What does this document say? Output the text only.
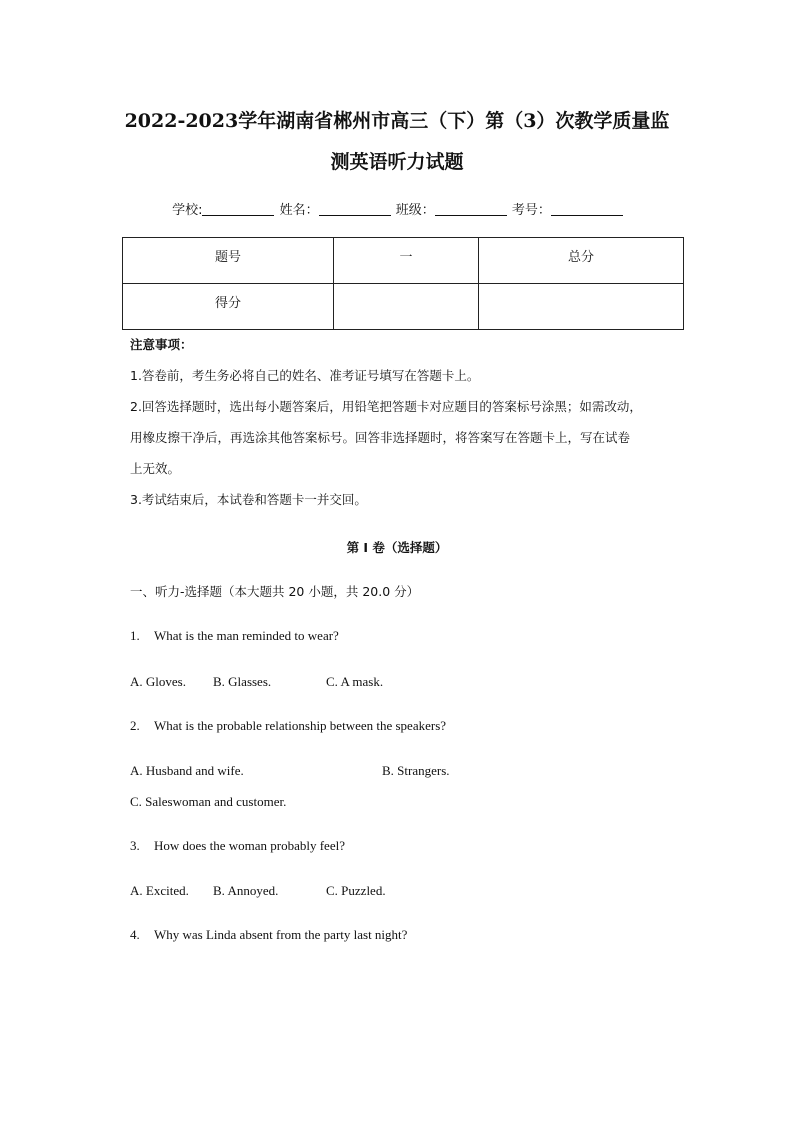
2022-2023学年湖南省郴州市高三（下）第（3）次教学质量监
测英语听力试题
学校:	姓名：	班级：	考号：
题号	一	总分
得分		
注意事项：
1.答卷前，考生务必将自己的姓名、准考证号填写在答题卡上。
2.回答选择题时，选出每小题答案后，用铅笔把答题卡对应题目的答案标号涂黑；如需改动，
用橡皮擦干净后，再选涂其他答案标号。回答非选择题时，将答案写在答题卡上，写在试卷
上无效。
3.考试结束后，本试卷和答题卡一并交回。
第 I 卷（选择题）
一、听力-选择题（本大题共 20 小题，共 20.0 分）
1. What is the man reminded to wear?
A. Gloves. B. Glasses.	C. A mask.
2. What is the probable relationship between the speakers?
A. Husband and wife.	B. Strangers.
C. Saleswoman and customer.
3. How does the woman probably feel?
A. Excited. B. Annoyed.	C. Puzzled.
4. Why was Linda absent from the party last night?
